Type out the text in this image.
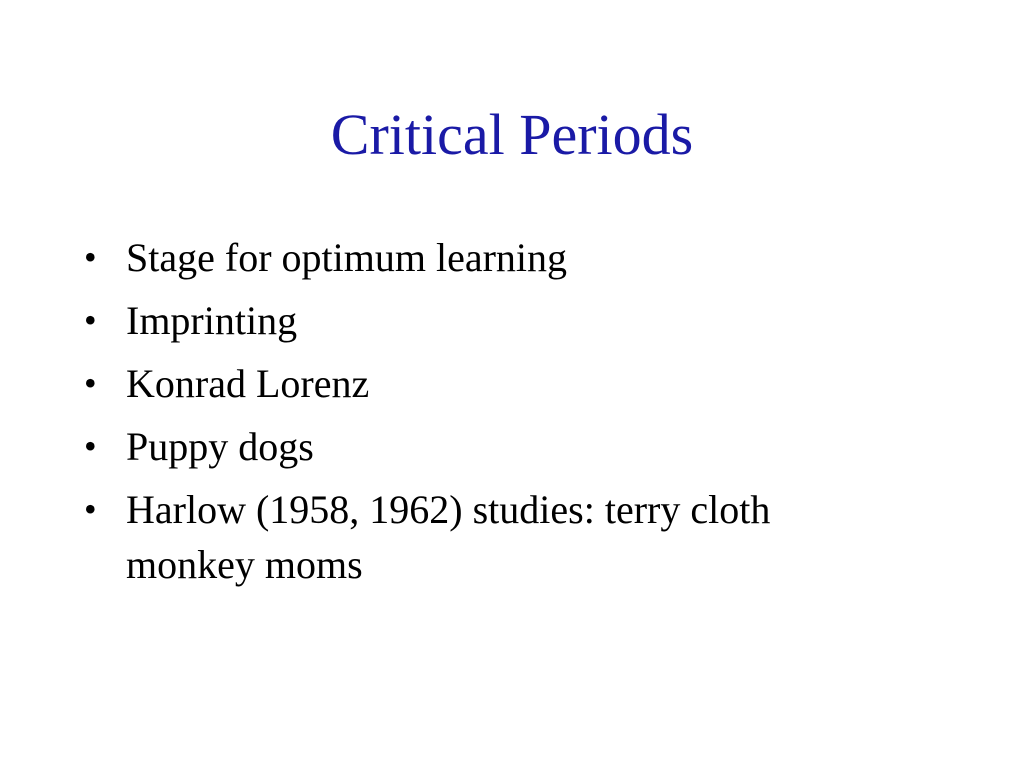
Critical Periods
• Stage for optimum learning
• Imprinting
• Konrad Lorenz
• Puppy dogs
• Harlow (1958, 1962) studies: terry cloth monkey moms
